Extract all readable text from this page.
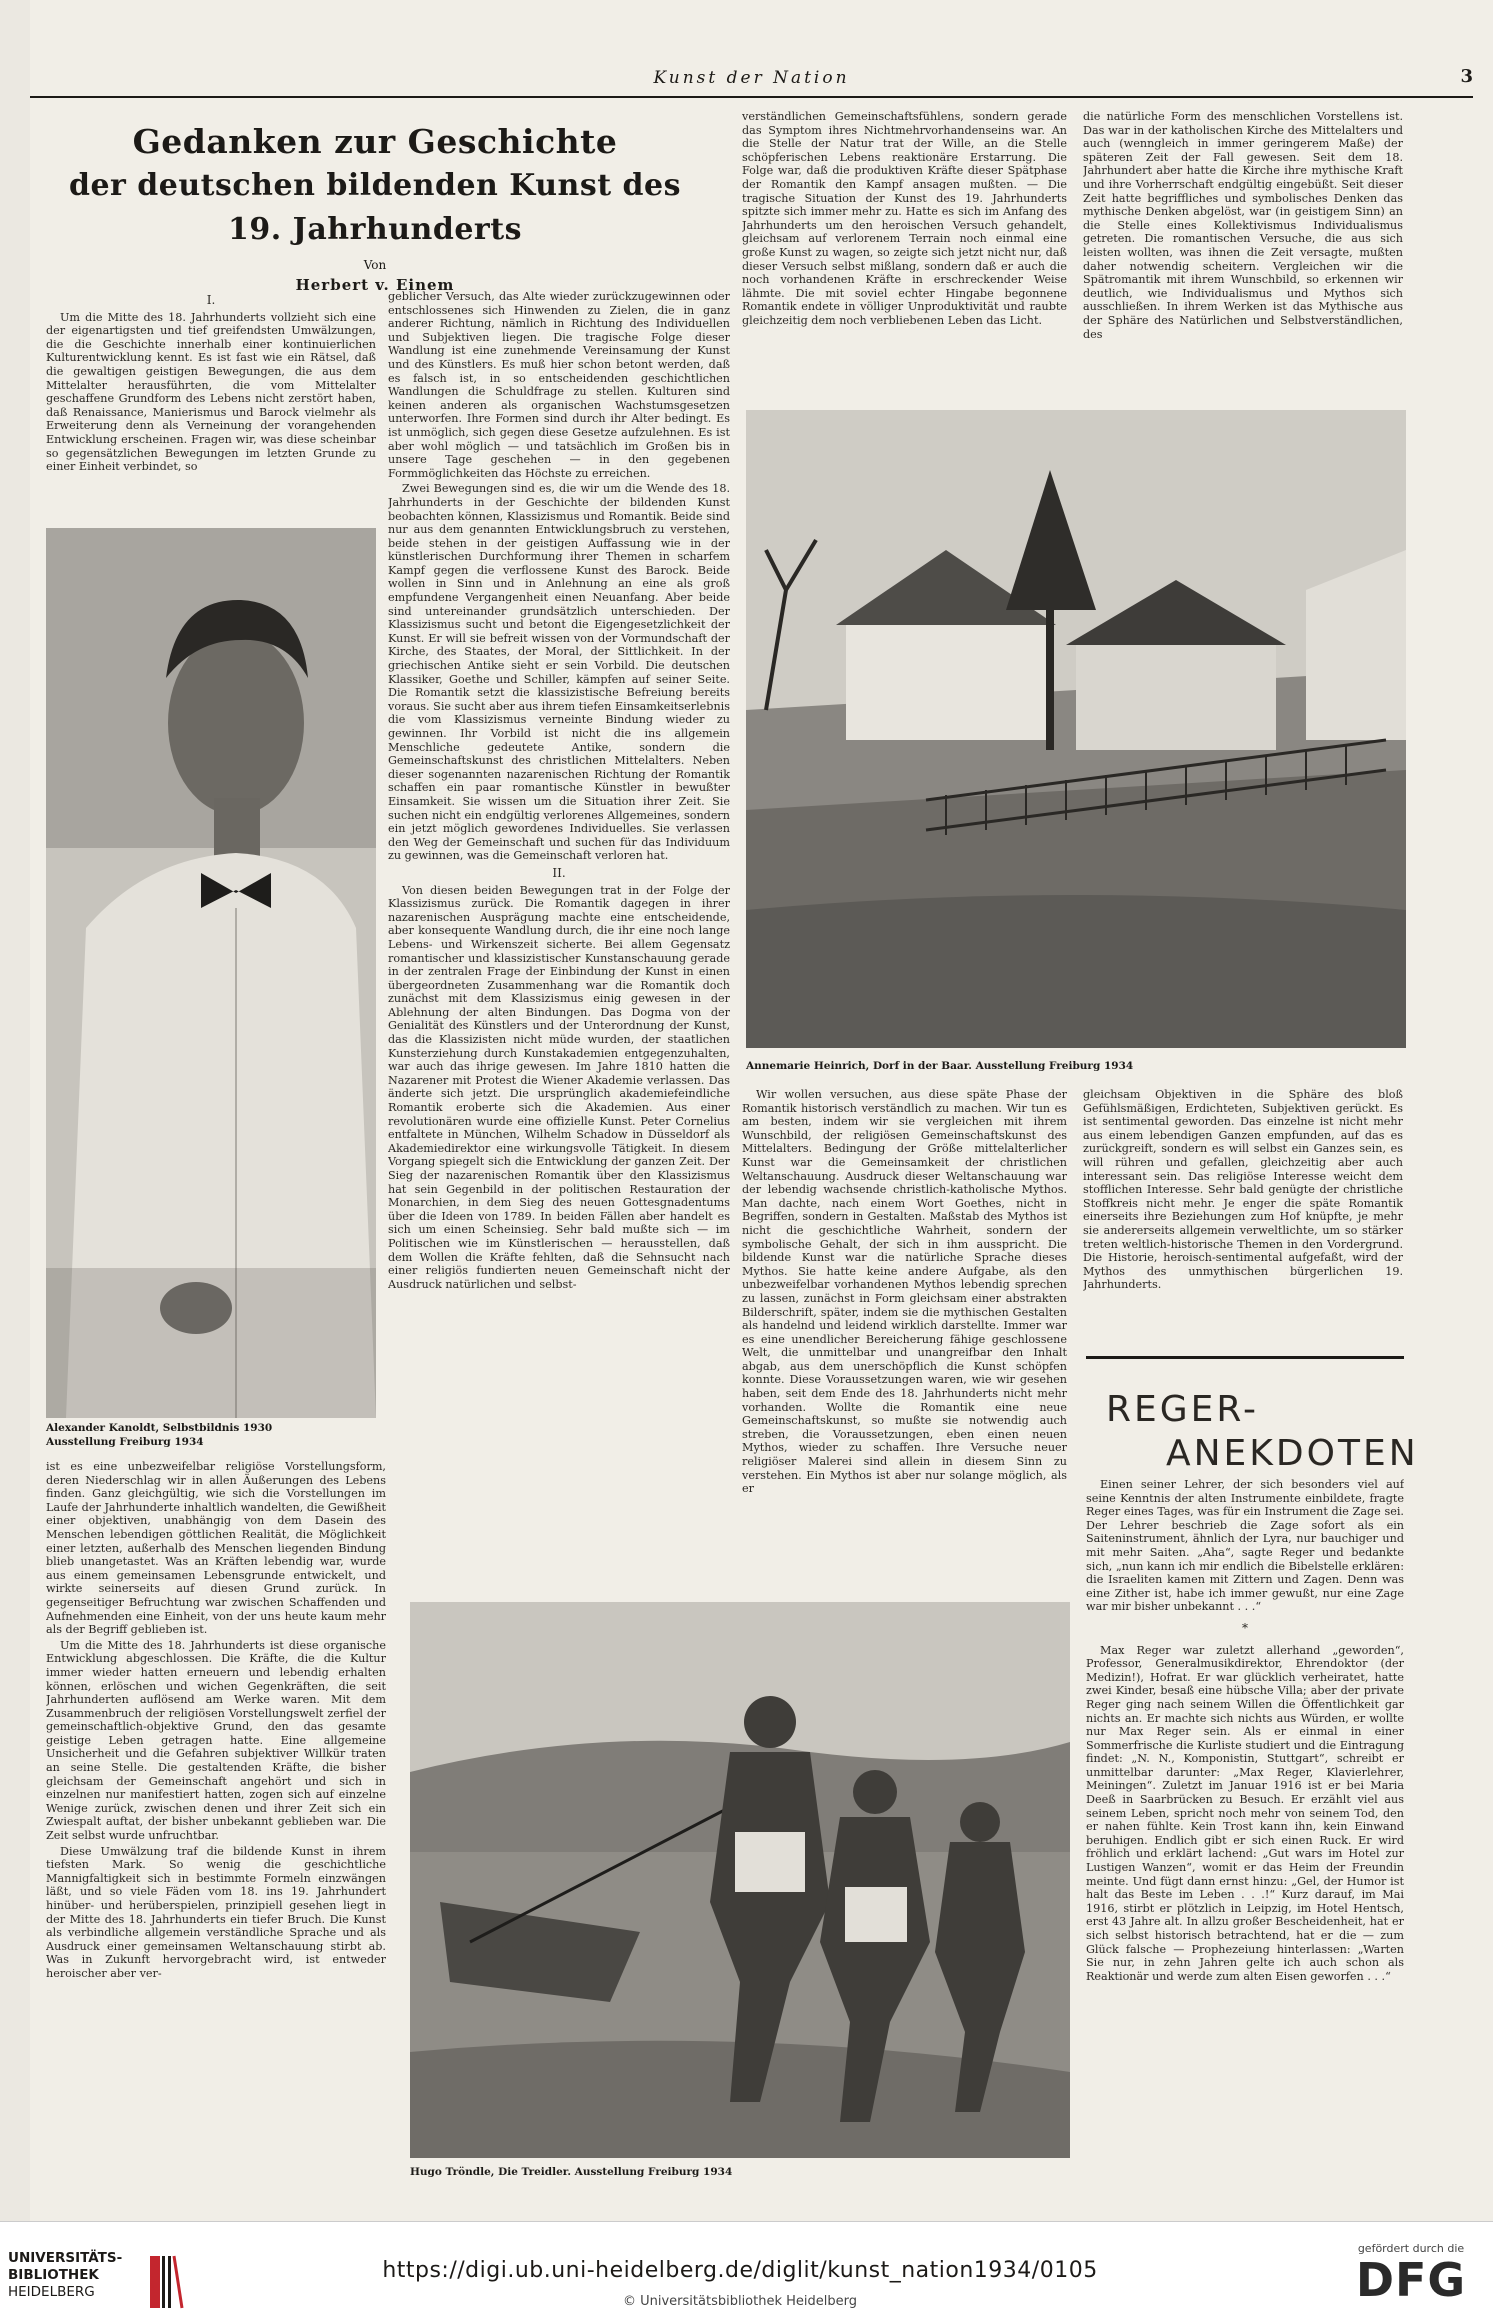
Kunst der Nation	3
Gedanken zur Geschichte
der deutschen bildenden Kunst des 19. Jahrhunderts
Von
Herbert v. Einem
I.

Um die Mitte des 18. Jahrhunderts vollzieht sich eine der eigenartigsten und tief greifendsten Umwälzungen, die die Geschichte innerhalb einer kontinuierlichen Kulturentwicklung kennt. Es ist fast wie ein Rätsel, daß die gewaltigen geistigen Bewegungen, die aus dem Mittelalter herausführten, die vom Mittelalter geschaffene Grundform des Lebens nicht zerstört haben, daß Renaissance, Manierismus und Barock vielmehr als Erweiterung denn als Verneinung der vorangehenden Entwicklung erscheinen. Fragen wir, was diese scheinbar so gegensätzlichen Bewegungen im letzten Grunde zu einer Einheit verbindet, so

Alexander Kanoldt, Selbstbildnis 1930
Ausstellung Freiburg 1934

ist es eine unbezweifelbar religiöse Vorstellungsform, deren Niederschlag wir in allen Äußerungen des Lebens finden. Ganz gleichgültig, wie sich die Vorstellungen im Laufe der Jahrhunderte inhaltlich wandelten, die Gewißheit einer objektiven, unabhängig von dem Dasein des Menschen lebendigen göttlichen Realität, die Möglichkeit einer letzten, außerhalb des Menschen liegenden Bindung blieb unangetastet. Was an Kräften lebendig war, wurde aus einem gemeinsamen Lebensgrunde entwickelt, und wirkte seinerseits auf diesen Grund zurück. In gegenseitiger Befruchtung war zwischen Schaffenden und Aufnehmenden eine Einheit, von der uns heute kaum mehr als der Begriff geblieben ist.

Um die Mitte des 18. Jahrhunderts ist diese organische Entwicklung abgeschlossen. Die Kräfte, die die Kultur immer wieder hatten erneuern und lebendig erhalten können, erlöschen und wichen Gegenkräften, die seit Jahrhunderten auflösend am Werke waren. Mit dem Zusammenbruch der religiösen Vorstellungswelt zerfiel der gemeinschaftlich-objektive Grund, den das gesamte geistige Leben getragen hatte. Eine allgemeine Unsicherheit und die Gefahren subjektiver Willkür traten an seine Stelle. Die gestaltenden Kräfte, die bisher gleichsam der Gemeinschaft angehört und sich in einzelnen nur manifestiert hatten, zogen sich auf einzelne Wenige zurück, zwischen denen und ihrer Zeit sich ein Zwiespalt auftat, der bisher unbekannt geblieben war. Die Zeit selbst wurde unfruchtbar.

Diese Umwälzung traf die bildende Kunst in ihrem tiefsten Mark. So wenig die geschichtliche Mannigfaltigkeit sich in bestimmte Formeln einzwängen läßt, und so viele Fäden vom 18. ins 19. Jahrhundert hinüber- und herüberspielen, prinzipiell gesehen liegt in der Mitte des 18. Jahrhunderts ein tiefer Bruch. Die Kunst als verbindliche allgemein verständliche Sprache und als Ausdruck einer gemeinsamen Weltanschauung stirbt ab. Was in Zukunft hervorgebracht wird, ist entweder heroischer aber ver-

geblicher Versuch, das Alte wieder zurückzugewinnen oder entschlossenes sich Hinwenden zu Zielen, die in ganz anderer Richtung, nämlich in Richtung des Individuellen und Subjektiven liegen. Die tragische Folge dieser Wandlung ist eine zunehmende Vereinsamung der Kunst und des Künstlers. Es muß hier schon betont werden, daß es falsch ist, in so entscheidenden geschichtlichen Wandlungen die Schuldfrage zu stellen. Kulturen sind keinen anderen als organischen Wachstumsgesetzen unterworfen. Ihre Formen sind durch ihr Alter bedingt. Es ist unmöglich, sich gegen diese Gesetze aufzulehnen. Es ist aber wohl möglich — und tatsächlich im Großen bis in unsere Tage geschehen — in den gegebenen Formmöglichkeiten das Höchste zu erreichen.

Zwei Bewegungen sind es, die wir um die Wende des 18. Jahrhunderts in der Geschichte der bildenden Kunst beobachten können, Klassizismus und Romantik. Beide sind nur aus dem genannten Entwicklungsbruch zu verstehen, beide stehen in der geistigen Auffassung wie in der künstlerischen Durchformung ihrer Themen in scharfem Kampf gegen die verflossene Kunst des Barock. Beide wollen in Sinn und in Anlehnung an eine als groß empfundene Vergangenheit einen Neuanfang. Aber beide sind untereinander grundsätzlich unterschieden. Der Klassizismus sucht und betont die Eigengesetzlichkeit der Kunst. Er will sie befreit wissen von der Vormundschaft der Kirche, des Staates, der Moral, der Sittlichkeit. In der griechischen Antike sieht er sein Vorbild. Die deutschen Klassiker, Goethe und Schiller, kämpfen auf seiner Seite. Die Romantik setzt die klassizistische Befreiung bereits voraus. Sie sucht aber aus ihrem tiefen Einsamkeitserlebnis die vom Klassizismus verneinte Bindung wieder zu gewinnen. Ihr Vorbild ist nicht die ins allgemein Menschliche gedeutete Antike, sondern die Gemeinschaftskunst des christlichen Mittelalters. Neben dieser sogenannten nazarenischen Richtung der Romantik schaffen ein paar romantische Künstler in bewußter Einsamkeit. Sie wissen um die Situation ihrer Zeit. Sie suchen nicht ein endgültig verlorenes Allgemeines, sondern ein jetzt möglich gewordenes Individuelles. Sie verlassen den Weg der Gemeinschaft und suchen für das Individuum zu gewinnen, was die Gemeinschaft verloren hat.

II.

Von diesen beiden Bewegungen trat in der Folge der Klassizismus zurück. Die Romantik dagegen in ihrer nazarenischen Ausprägung machte eine entscheidende, aber konsequente Wandlung durch, die ihr eine noch lange Lebens- und Wirkenszeit sicherte. Bei allem Gegensatz romantischer und klassizistischer Kunstanschauung gerade in der zentralen Frage der Einbindung der Kunst in einen übergeordneten Zusammenhang war die Romantik doch zunächst mit dem Klassizismus einig gewesen in der Ablehnung der alten Bindungen. Das Dogma von der Genialität des Künstlers und der Unterordnung der Kunst, das die Klassizisten nicht müde wurden, der staatlichen Kunsterziehung durch Kunstakademien entgegenzuhalten, war auch das ihrige gewesen. Im Jahre 1810 hatten die Nazarener mit Protest die Wiener Akademie verlassen. Das änderte sich jetzt. Die ursprünglich akademiefeindliche Romantik eroberte sich die Akademien. Aus einer revolutionären wurde eine offizielle Kunst. Peter Cornelius entfaltete in München, Wilhelm Schadow in Düsseldorf als Akademiedirektor eine wirkungsvolle Tätigkeit. In diesem Vorgang spiegelt sich die Entwicklung der ganzen Zeit. Der Sieg der nazarenischen Romantik über den Klassizismus hat sein Gegenbild in der politischen Restauration der Monarchien, in dem Sieg des neuen Gottesgnadentums über die Ideen von 1789. In beiden Fällen aber handelt es sich um einen Scheinsieg. Sehr bald mußte sich — im Politischen wie im Künstlerischen — herausstellen, daß dem Wollen die Kräfte fehlten, daß die Sehnsucht nach einer religiös fundierten neuen Gemeinschaft nicht der Ausdruck natürlichen und selbst-

verständlichen Gemeinschaftsfühlens, sondern gerade das Symptom ihres Nichtmehrvorhandenseins war. An die Stelle der Natur trat der Wille, an die Stelle schöpferischen Lebens reaktionäre Erstarrung. Die Folge war, daß die produktiven Kräfte dieser Spätphase der Romantik den Kampf ansagen mußten. — Die tragische Situation der Kunst des 19. Jahrhunderts spitzte sich immer mehr zu. Hatte es sich im Anfang des Jahrhunderts um den heroischen Versuch gehandelt, gleichsam auf verlorenem Terrain noch einmal eine große Kunst zu wagen, so zeigte sich jetzt nicht nur, daß dieser Versuch selbst mißlang, sondern daß er auch die noch vorhandenen Kräfte in erschreckender Weise lähmte. Die mit soviel echter Hingabe begonnene Romantik endete in völliger Unproduktivität und raubte gleichzeitig dem noch verbliebenen Leben das Licht.

die natürliche Form des menschlichen Vorstellens ist. Das war in der katholischen Kirche des Mittelalters und auch (wenngleich in immer geringerem Maße) der späteren Zeit der Fall gewesen. Seit dem 18. Jahrhundert aber hatte die Kirche ihre mythische Kraft und ihre Vorherrschaft endgültig eingebüßt. Seit dieser Zeit hatte begriffliches und symbolisches Denken das mythische Denken abgelöst, war (in geistigem Sinn) an die Stelle eines Kollektivismus Individualismus getreten. Die romantischen Versuche, die aus sich leisten wollten, was ihnen die Zeit versagte, mußten daher notwendig scheitern. Vergleichen wir die Spätromantik mit ihrem Wunschbild, so erkennen wir deutlich, wie Individualismus und Mythos sich ausschließen. In ihrem Werken ist das Mythische aus der Sphäre des Natürlichen und Selbstverständlichen, des

Annemarie Heinrich, Dorf in der Baar. Ausstellung Freiburg 1934

Wir wollen versuchen, aus diese späte Phase der Romantik historisch verständlich zu machen. Wir tun es am besten, indem wir sie vergleichen mit ihrem Wunschbild, der religiösen Gemeinschaftskunst des Mittelalters. Bedingung der Größe mittelalterlicher Kunst war die Gemeinsamkeit der christlichen Weltanschauung. Ausdruck dieser Weltanschauung war der lebendig wachsende christlich-katholische Mythos. Man dachte, nach einem Wort Goethes, nicht in Begriffen, sondern in Gestalten. Maßstab des Mythos ist nicht die geschichtliche Wahrheit, sondern der symbolische Gehalt, der sich in ihm ausspricht. Die bildende Kunst war die natürliche Sprache dieses Mythos. Sie hatte keine andere Aufgabe, als den unbezweifelbar vorhandenen Mythos lebendig sprechen zu lassen, zunächst in Form gleichsam einer abstrakten Bilderschrift, später, indem sie die mythischen Gestalten als handelnd und leidend wirklich darstellte. Immer war es eine unendlicher Bereicherung fähige geschlossene Welt, die unmittelbar und unangreifbar den Inhalt abgab, aus dem unerschöpflich die Kunst schöpfen konnte. Diese Voraussetzungen waren, wie wir gesehen haben, seit dem Ende des 18. Jahrhunderts nicht mehr vorhanden. Wollte die Romantik eine neue Gemeinschaftskunst, so mußte sie notwendig auch streben, die Voraussetzungen, eben einen neuen Mythos, wieder zu schaffen. Ihre Versuche neuer religiöser Malerei sind allein in diesem Sinn zu verstehen. Ein Mythos ist aber nur solange möglich, als er

gleichsam Objektiven in die Sphäre des bloß Gefühlsmäßigen, Erdichteten, Subjektiven gerückt. Es ist sentimental geworden. Das einzelne ist nicht mehr aus einem lebendigen Ganzen empfunden, auf das es zurückgreift, sondern es will selbst ein Ganzes sein, es will rühren und gefallen, gleichzeitig aber auch interessant sein. Das religiöse Interesse weicht dem stofflichen Interesse. Sehr bald genügte der christliche Stoffkreis nicht mehr. Je enger die späte Romantik einerseits ihre Beziehungen zum Hof knüpfte, je mehr sie andererseits allgemein verweltlichte, um so stärker treten weltlich-historische Themen in den Vordergrund. Die Historie, heroisch-sentimental aufgefaßt, wird der Mythos des unmythischen bürgerlichen 19. Jahrhunderts.

REGER-
ANEKDOTEN

Einen seiner Lehrer, der sich besonders viel auf seine Kenntnis der alten Instrumente einbildete, fragte Reger eines Tages, was für ein Instrument die Zage sei. Der Lehrer beschrieb die Zage sofort als ein Saiteninstrument, ähnlich der Lyra, nur bauchiger und mit mehr Saiten. „Aha“, sagte Reger und bedankte sich, „nun kann ich mir endlich die Bibelstelle erklären: die Israeliten kamen mit Zittern und Zagen. Denn was eine Zither ist, habe ich immer gewußt, nur eine Zage war mir bisher unbekannt . . .“

*

Max Reger war zuletzt allerhand „geworden“, Professor, Generalmusikdirektor, Ehrendoktor (der Medizin!), Hofrat. Er war glücklich verheiratet, hatte zwei Kinder, besaß eine hübsche Villa; aber der private Reger ging nach seinem Willen die Öffentlichkeit gar nichts an. Er machte sich nichts aus Würden, er wollte nur Max Reger sein. Als er einmal in einer Sommerfrische die Kurliste studiert und die Eintragung findet: „N. N., Komponistin, Stuttgart“, schreibt er unmittelbar darunter: „Max Reger, Klavierlehrer, Meiningen“. Zuletzt im Januar 1916 ist er bei Maria Deeß in Saarbrücken zu Besuch. Er erzählt viel aus seinem Leben, spricht noch mehr von seinem Tod, den er nahen fühlte. Kein Trost kann ihn, kein Einwand beruhigen. Endlich gibt er sich einen Ruck. Er wird fröhlich und erklärt lachend: „Gut wars im Hotel zur Lustigen Wanzen“, womit er das Heim der Freundin meinte. Und fügt dann ernst hinzu: „Gel, der Humor ist halt das Beste im Leben . . .!“ Kurz darauf, im Mai 1916, stirbt er plötzlich in Leipzig, im Hotel Hentsch, erst 43 Jahre alt. In allzu großer Bescheidenheit, hat er sich selbst historisch betrachtend, hat er die — zum Glück falsche — Prophezeiung hinterlassen: „Warten Sie nur, in zehn Jahren gelte ich auch schon als Reaktionär und werde zum alten Eisen geworfen . . .“

Hugo Tröndle, Die Treidler. Ausstellung Freiburg 1934
UNIVERSITÄTS-
BIBLIOTHEK
HEIDELBERG
https://digi.ub.uni-heidelberg.de/diglit/kunst_nation1934/0105
© Universitätsbibliothek Heidelberg
gefördert durch die
DFG
